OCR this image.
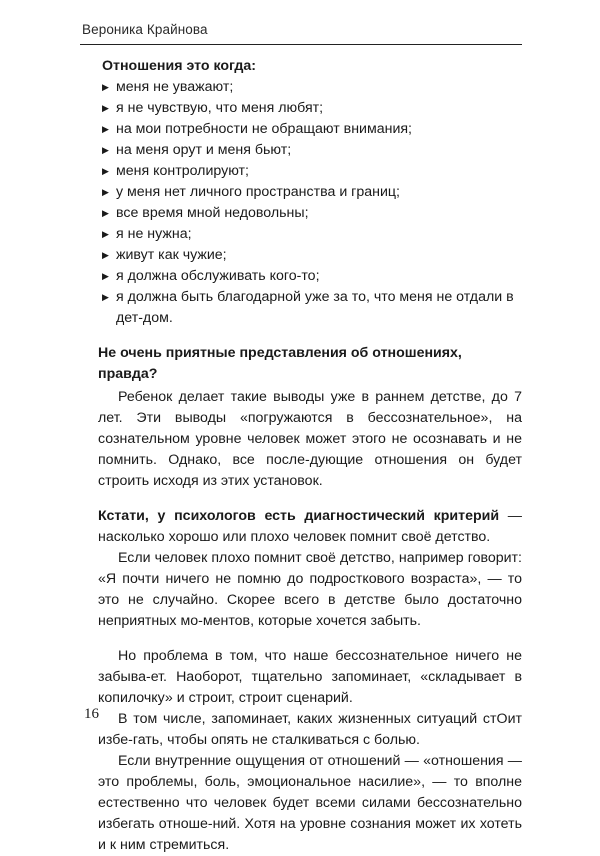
Вероника Крайнова
Отношения это когда:
▶ меня не уважают;
▶ я не чувствую, что меня любят;
▶ на мои потребности не обращают внимания;
▶ на меня орут и меня бьют;
▶ меня контролируют;
▶ у меня нет личного пространства и границ;
▶ все время мной недовольны;
▶ я не нужна;
▶ живут как чужие;
▶ я должна обслуживать кого-то;
▶ я должна быть благодарной уже за то, что меня не отдали в дет-дом.
Не очень приятные представления об отношениях, правда?

Ребенок делает такие выводы уже в раннем детстве, до 7 лет. Эти выводы «погружаются в бессознательное», на сознательном уровне человек может этого не осознавать и не помнить. Однако, все после-дующие отношения он будет строить исходя из этих установок.

Кстати, у психологов есть диагностический критерий — насколько хорошо или плохо человек помнит своё детство.

Если человек плохо помнит своё детство, например говорит: «Я почти ничего не помню до подросткового возраста», — то это не случайно. Скорее всего в детстве было достаточно неприятных мо-ментов, которые хочется забыть.

Но проблема в том, что наше бессознательное ничего не забыва-ет. Наоборот, тщательно запоминает, «складывает в копилочку» и строит, строит сценарий.

В том числе, запоминает, каких жизненных ситуаций стОит избе-гать, чтобы опять не сталкиваться с болью.

Если внутренние ощущения от отношений — «отношения — это проблемы, боль, эмоциональное насилие», — то вполне естественно что человек будет всеми силами бессознательно избегать отноше-ний. Хотя на уровне сознания может их хотеть и к ним стремиться.

16
